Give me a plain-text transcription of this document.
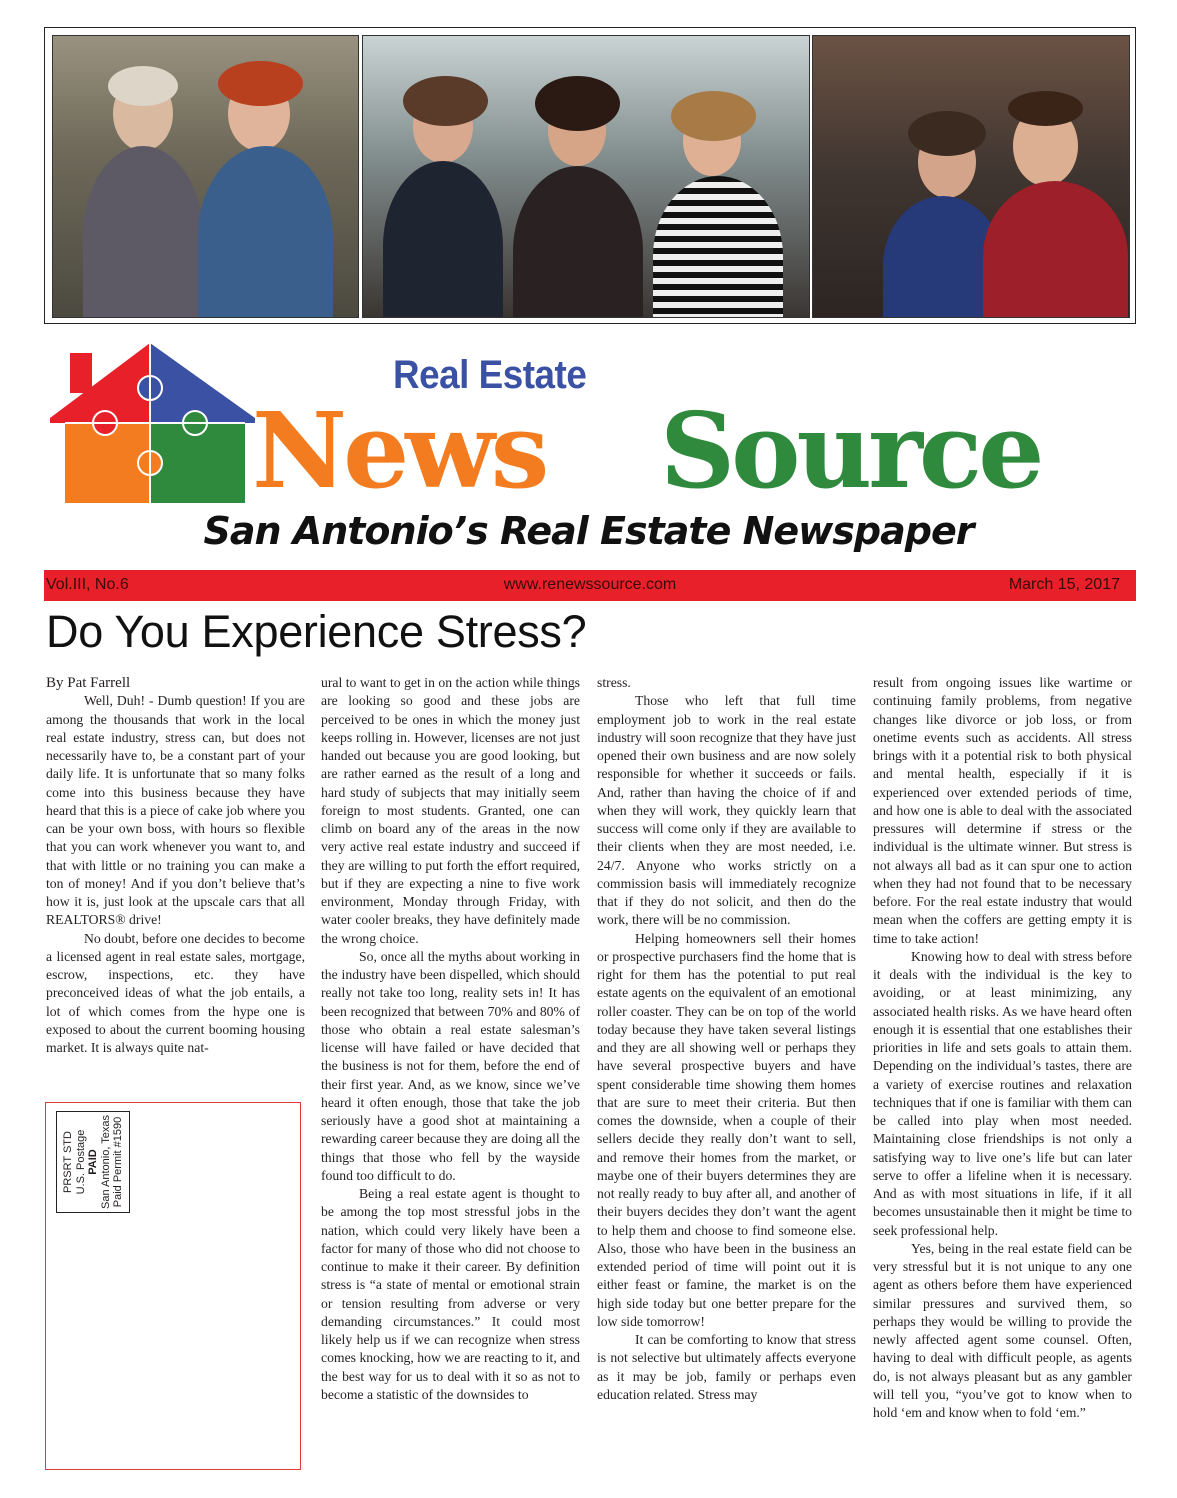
Real Estate
News Source
San Antonio’s Real Estate Newspaper
Vol.III, No.6	www.renewssource.com	March 15, 2017
Do You Experience Stress?

By Pat Farrell

Well, Duh! - Dumb question! If you are among the thousands that work in the local real estate industry, stress can, but does not necessarily have to, be a constant part of your daily life. It is unfortunate that so many folks come into this business because they have heard that this is a piece of cake job where you can be your own boss, with hours so flexible that you can work whenever you want to, and that with little or no training you can make a ton of money! And if you don’t believe that’s how it is, just look at the upscale cars that all REALTORS® drive!

No doubt, before one decides to become a licensed agent in real estate sales, mortgage, escrow, inspections, etc. they have preconceived ideas of what the job entails, a lot of which comes from the hype one is exposed to about the current booming housing market. It is always quite nat-

ural to want to get in on the action while things are looking so good and these jobs are perceived to be ones in which the money just keeps rolling in. However, licenses are not just handed out because you are good looking, but are rather earned as the result of a long and hard study of subjects that may initially seem foreign to most students. Granted, one can climb on board any of the areas in the now very active real estate industry and succeed if they are willing to put forth the effort required, but if they are expecting a nine to five work environment, Monday through Friday, with water cooler breaks, they have definitely made the wrong choice.

So, once all the myths about working in the industry have been dispelled, which should really not take too long, reality sets in! It has been recognized that between 70% and 80% of those who obtain a real estate salesman’s license will have failed or have decided that the business is not for them, before the end of their first year. And, as we know, since we’ve heard it often enough, those that take the job seriously have a good shot at maintaining a rewarding career because they are doing all the things that those who fell by the wayside found too difficult to do.

Being a real estate agent is thought to be among the top most stressful jobs in the nation, which could very likely have been a factor for many of those who did not choose to continue to make it their career. By definition stress is “a state of mental or emotional strain or tension resulting from adverse or very demanding circumstances.” It could most likely help us if we can recognize when stress comes knocking, how we are reacting to it, and the best way for us to deal with it so as not to become a statistic of the downsides to

stress.

Those who left that full time employment job to work in the real estate industry will soon recognize that they have just opened their own business and are now solely responsible for whether it succeeds or fails. And, rather than having the choice of if and when they will work, they quickly learn that success will come only if they are available to their clients when they are most needed, i.e. 24/7. Anyone who works strictly on a commission basis will immediately recognize that if they do not solicit, and then do the work, there will be no commission.

Helping homeowners sell their homes or prospective purchasers find the home that is right for them has the potential to put real estate agents on the equivalent of an emotional roller coaster. They can be on top of the world today because they have taken several listings and they are all showing well or perhaps they have several prospective buyers and have spent considerable time showing them homes that are sure to meet their criteria. But then comes the downside, when a couple of their sellers decide they really don’t want to sell, and remove their homes from the market, or maybe one of their buyers determines they are not really ready to buy after all, and another of their buyers decides they don’t want the agent to help them and choose to find someone else. Also, those who have been in the business an extended period of time will point out it is either feast or famine, the market is on the high side today but one better prepare for the low side tomorrow!

It can be comforting to know that stress is not selective but ultimately affects everyone as it may be job, family or perhaps even education related. Stress may

result from ongoing issues like wartime or continuing family problems, from negative changes like divorce or job loss, or from onetime events such as accidents. All stress brings with it a potential risk to both physical and mental health, especially if it is experienced over extended periods of time, and how one is able to deal with the associated pressures will determine if stress or the individual is the ultimate winner. But stress is not always all bad as it can spur one to action when they had not found that to be necessary before. For the real estate industry that would mean when the coffers are getting empty it is time to take action!

Knowing how to deal with stress before it deals with the individual is the key to avoiding, or at least minimizing, any associated health risks. As we have heard often enough it is essential that one establishes their priorities in life and sets goals to attain them. Depending on the individual’s tastes, there are a variety of exercise routines and relaxation techniques that if one is familiar with them can be called into play when most needed. Maintaining close friendships is not only a satisfying way to live one’s life but can later serve to offer a lifeline when it is necessary. And as with most situations in life, if it all becomes unsustainable then it might be time to seek professional help.

Yes, being in the real estate field can be very stressful but it is not unique to any one agent as others before them have experienced similar pressures and survived them, so perhaps they would be willing to provide the newly affected agent some counsel. Often, having to deal with difficult people, as agents do, is not always pleasant but as any gambler will tell you, “you’ve got to know when to hold ‘em and know when to fold ‘em.”

PRSRT STD U.S. Postage PAID San Antonio, Texas Paid Permit #1590
